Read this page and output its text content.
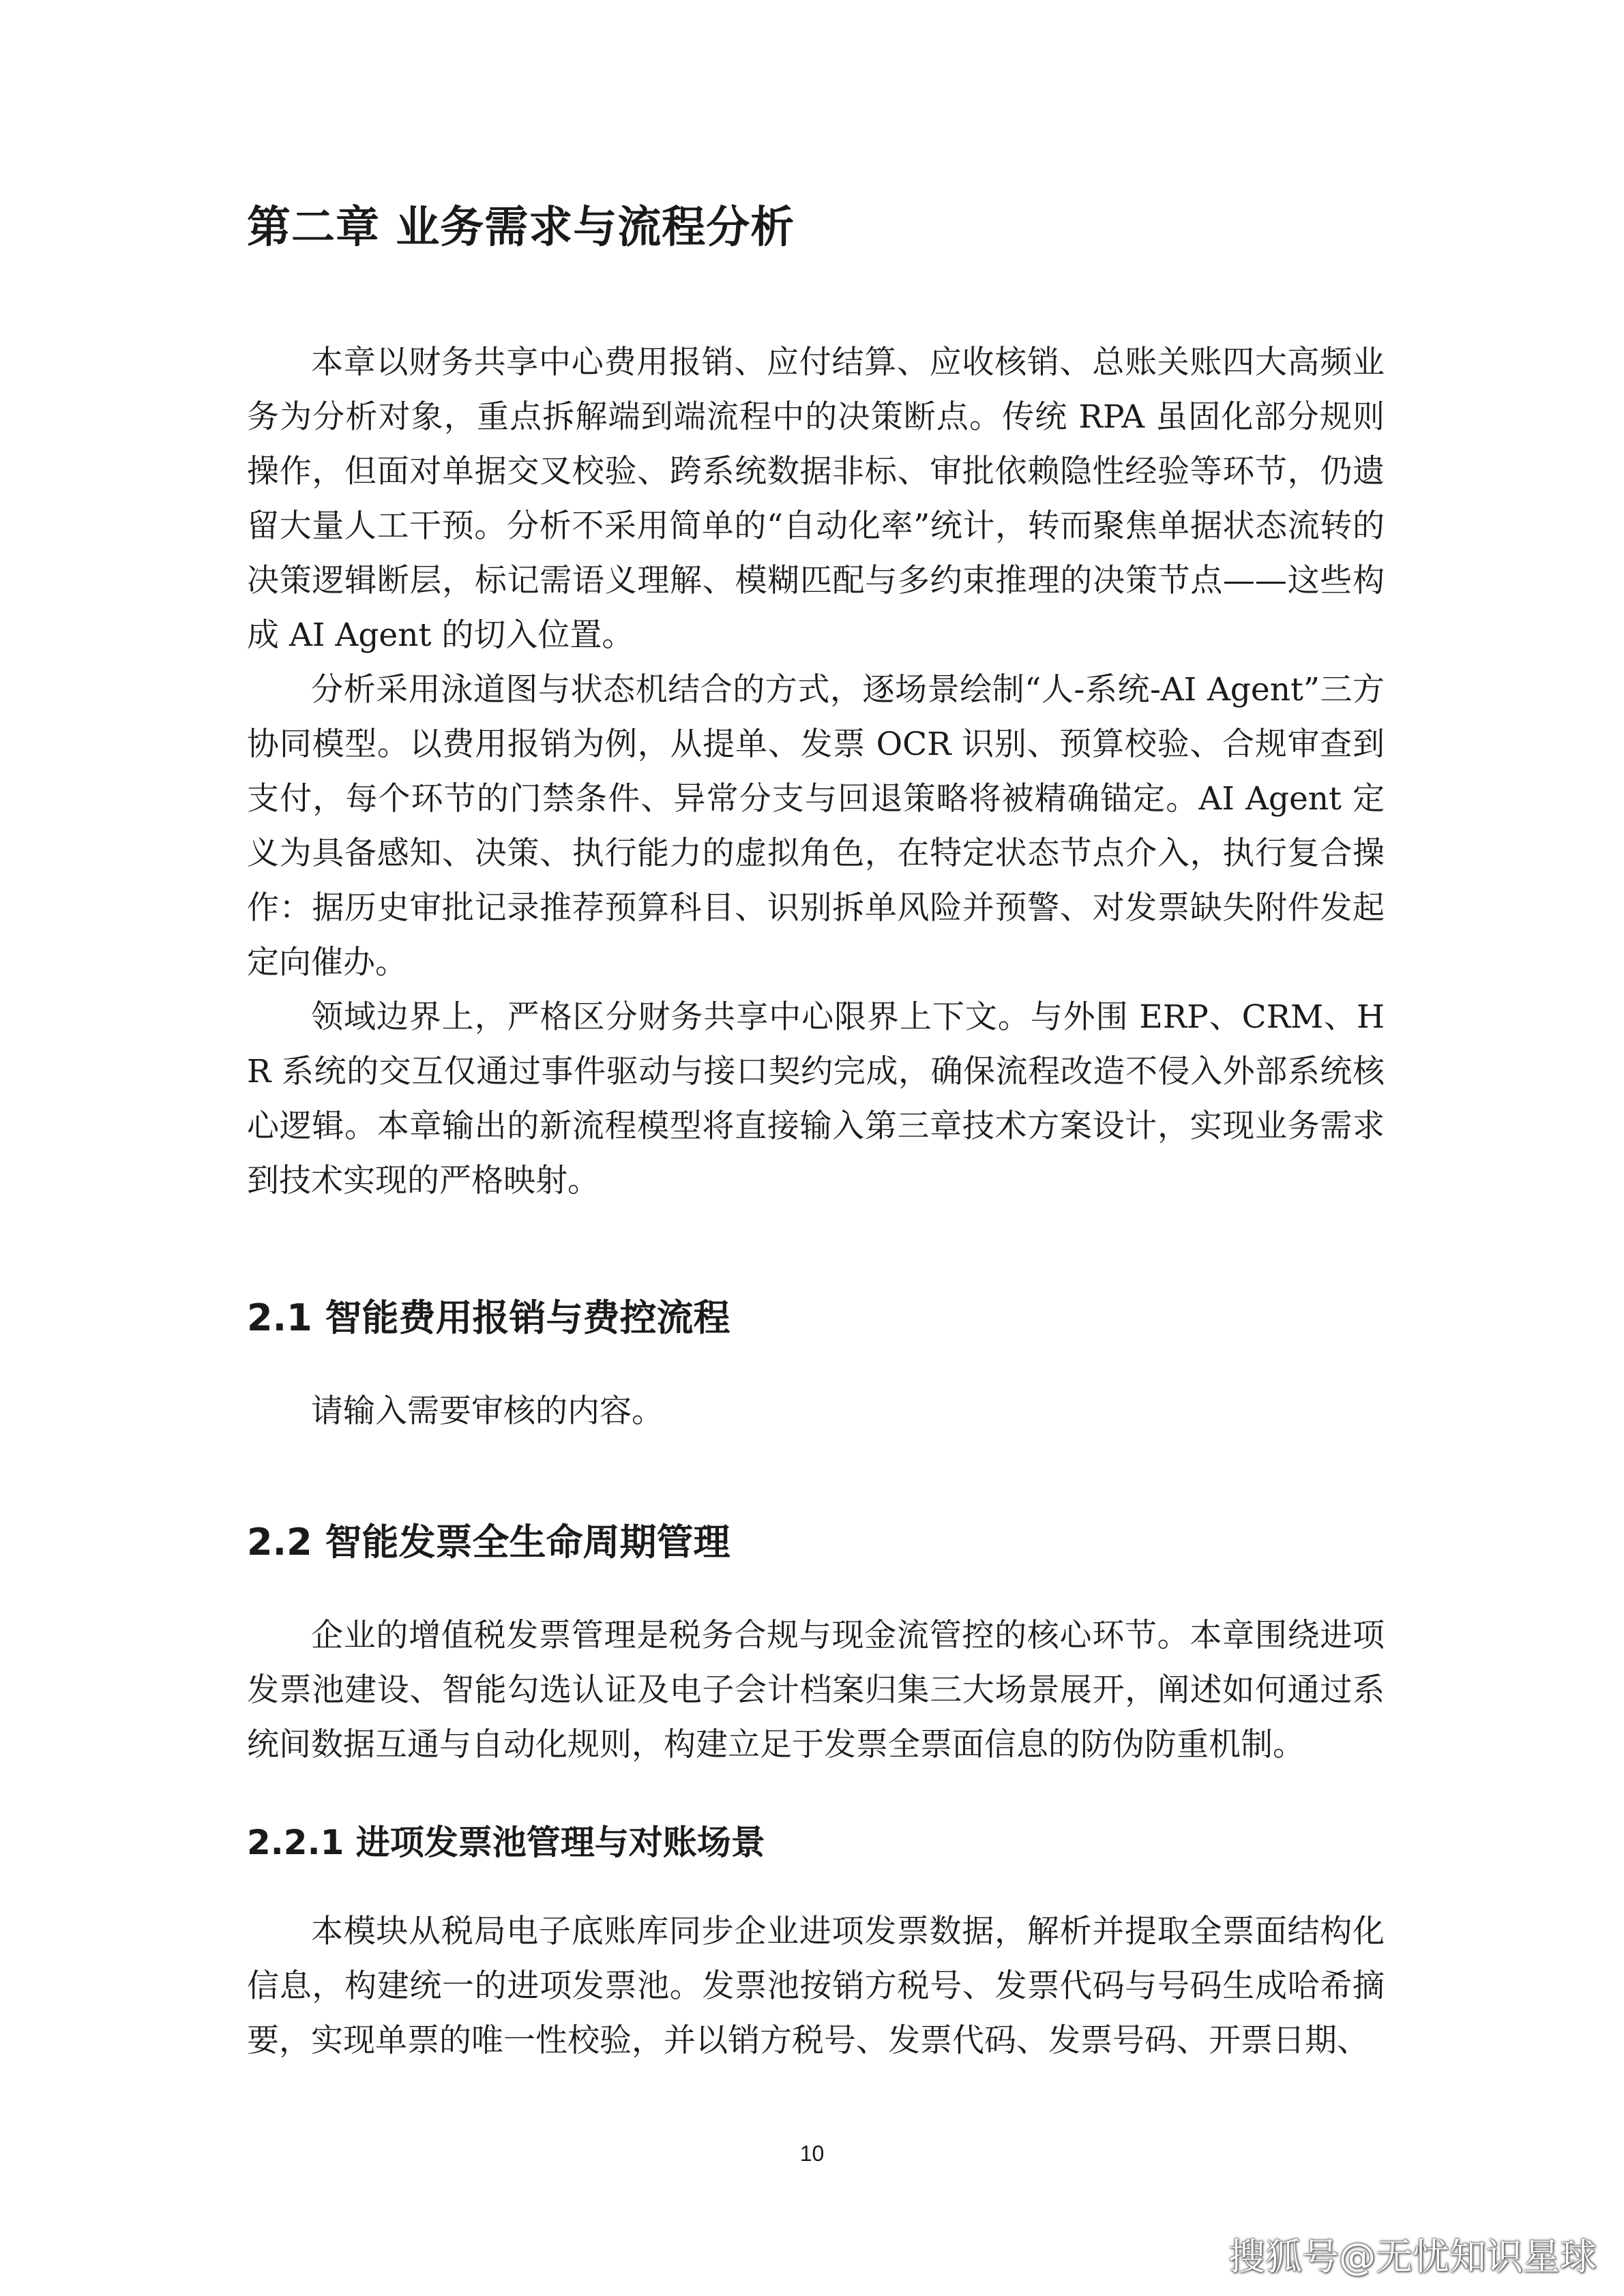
第二章 业务需求与流程分析

本章以财务共享中心费用报销、应付结算、应收核销、总账关账四大高频业务为分析对象，重点拆解端到端流程中的决策断点。传统 RPA 虽固化部分规则操作，但面对单据交叉校验、跨系统数据非标、审批依赖隐性经验等环节，仍遗留大量人工干预。分析不采用简单的“自动化率”统计，转而聚焦单据状态流转的决策逻辑断层，标记需语义理解、模糊匹配与多约束推理的决策节点——这些构成 AI Agent 的切入位置。

分析采用泳道图与状态机结合的方式，逐场景绘制“人-系统-AI Agent”三方协同模型。以费用报销为例，从提单、发票 OCR 识别、预算校验、合规审查到支付，每个环节的门禁条件、异常分支与回退策略将被精确锚定。AI Agent 定义为具备感知、决策、执行能力的虚拟角色，在特定状态节点介入，执行复合操作：据历史审批记录推荐预算科目、识别拆单风险并预警、对发票缺失附件发起定向催办。

领域边界上，严格区分财务共享中心限界上下文。与外围 ERP、CRM、HR 系统的交互仅通过事件驱动与接口契约完成，确保流程改造不侵入外部系统核心逻辑。本章输出的新流程模型将直接输入第三章技术方案设计，实现业务需求到技术实现的严格映射。

2.1 智能费用报销与费控流程

请输入需要审核的内容。

2.2 智能发票全生命周期管理

企业的增值税发票管理是税务合规与现金流管控的核心环节。本章围绕进项发票池建设、智能勾选认证及电子会计档案归集三大场景展开，阐述如何通过系统间数据互通与自动化规则，构建立足于发票全票面信息的防伪防重机制。

2.2.1 进项发票池管理与对账场景

本模块从税局电子底账库同步企业进项发票数据，解析并提取全票面结构化信息，构建统一的进项发票池。发票池按销方税号、发票代码与号码生成哈希摘要，实现单票的唯一性校验，并以销方税号、发票代码、发票号码、开票日期、

10
搜狐号@无忧知识星球
